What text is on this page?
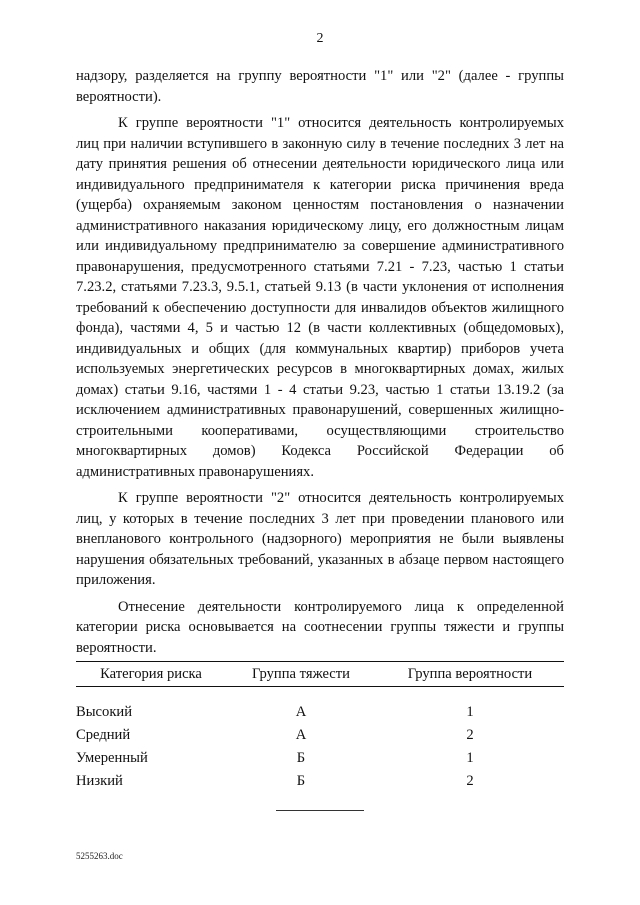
2

надзору, разделяется на группу вероятности "1" или "2" (далее - группы вероятности).

К группе вероятности "1" относится деятельность контролируемых лиц при наличии вступившего в законную силу в течение последних 3 лет на дату принятия решения об отнесении деятельности юридического лица или индивидуального предпринимателя к категории риска причинения вреда (ущерба) охраняемым законом ценностям постановления о назначении административного наказания юридическому лицу, его должностным лицам или индивидуальному предпринимателю за совершение административного правонарушения, предусмотренного статьями 7.21 - 7.23, частью 1 статьи 7.23.2, статьями 7.23.3, 9.5.1, статьей 9.13 (в части уклонения от исполнения требований к обеспечению доступности для инвалидов объектов жилищного фонда), частями 4, 5 и частью 12 (в части коллективных (общедомовых), индивидуальных и общих (для коммунальных квартир) приборов учета используемых энергетических ресурсов в многоквартирных домах, жилых домах) статьи 9.16, частями 1 - 4 статьи 9.23, частью 1 статьи 13.19.2 (за исключением административных правонарушений, совершенных жилищно-строительными кооперативами, осуществляющими строительство многоквартирных домов) Кодекса Российской Федерации об административных правонарушениях.

К группе вероятности "2" относится деятельность контролируемых лиц, у которых в течение последних 3 лет при проведении планового или внепланового контрольного (надзорного) мероприятия не были выявлены нарушения обязательных требований, указанных в абзаце первом настоящего приложения.

Отнесение деятельности контролируемого лица к определенной категории риска основывается на соотнесении группы тяжести и группы вероятности.

Категория риска	Группа тяжести	Группа вероятности

Высокий	А	1
Средний	А	2
Умеренный	Б	1
Низкий	Б	2
5255263.doc
